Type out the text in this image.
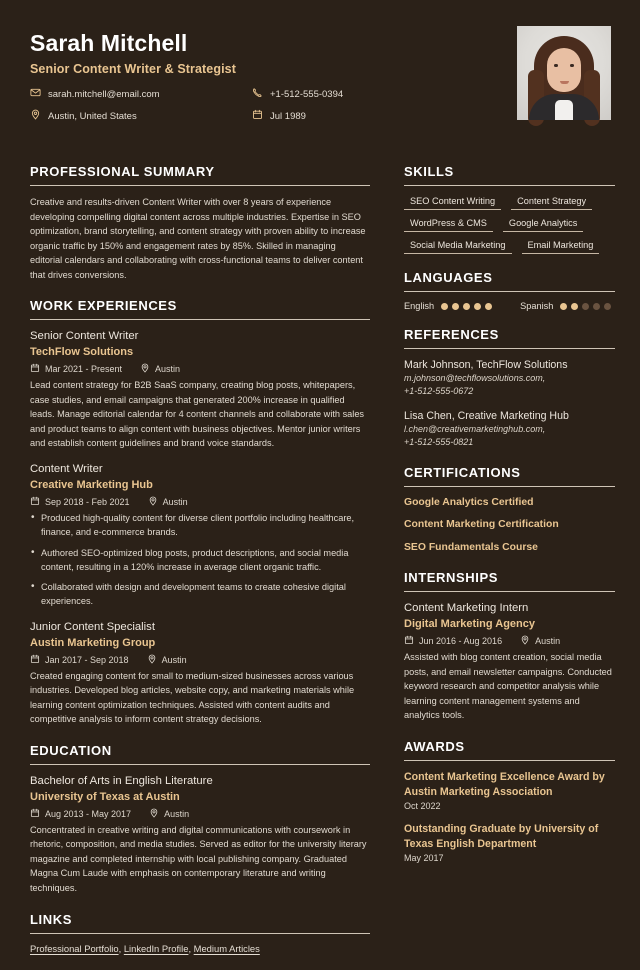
Sarah Mitchell
Senior Content Writer & Strategist
sarah.mitchell@email.com	+1-512-555-0394
Austin, United States	Jul 1989
PROFESSIONAL SUMMARY
Creative and results-driven Content Writer with over 8 years of experience developing compelling digital content across multiple industries. Expertise in SEO optimization, brand storytelling, and content strategy with proven ability to increase organic traffic by 150% and engagement rates by 85%. Skilled in managing editorial calendars and collaborating with cross-functional teams to deliver content that drives conversions.
WORK EXPERIENCES
Senior Content Writer
TechFlow Solutions
Mar 2021 - Present	Austin
Lead content strategy for B2B SaaS company, creating blog posts, whitepapers, case studies, and email campaigns that generated 200% increase in qualified leads. Manage editorial calendar for 4 content channels and collaborate with sales and product teams to align content with business objectives. Mentor junior writers and establish content guidelines and brand voice standards.
Content Writer
Creative Marketing Hub
Sep 2018 - Feb 2021	Austin
• Produced high-quality content for diverse client portfolio including healthcare, finance, and e-commerce brands.
• Authored SEO-optimized blog posts, product descriptions, and social media content, resulting in a 120% increase in average client organic traffic.
• Collaborated with design and development teams to create cohesive digital experiences.
Junior Content Specialist
Austin Marketing Group
Jan 2017 - Sep 2018	Austin
Created engaging content for small to medium-sized businesses across various industries. Developed blog articles, website copy, and marketing materials while learning content optimization techniques. Assisted with content audits and competitive analysis to inform content strategy decisions.
EDUCATION
Bachelor of Arts in English Literature
University of Texas at Austin
Aug 2013 - May 2017	Austin
Concentrated in creative writing and digital communications with coursework in rhetoric, composition, and media studies. Served as editor for the university literary magazine and completed internship with local publishing company. Graduated Magna Cum Laude with emphasis on contemporary literature and writing techniques.
LINKS
Professional Portfolio, LinkedIn Profile, Medium Articles
SKILLS
SEO Content Writing	Content Strategy
WordPress & CMS	Google Analytics
Social Media Marketing	Email Marketing
LANGUAGES
English	Spanish
REFERENCES
Mark Johnson, TechFlow Solutions
m.johnson@techflowsolutions.com,
+1-512-555-0672
Lisa Chen, Creative Marketing Hub
l.chen@creativemarketinghub.com,
+1-512-555-0821
CERTIFICATIONS
Google Analytics Certified
Content Marketing Certification
SEO Fundamentals Course
INTERNSHIPS
Content Marketing Intern
Digital Marketing Agency
Jun 2016 - Aug 2016	Austin
Assisted with blog content creation, social media posts, and email newsletter campaigns. Conducted keyword research and competitor analysis while learning content management systems and analytics tools.
AWARDS
Content Marketing Excellence Award by Austin Marketing Association
Oct 2022
Outstanding Graduate by University of Texas English Department
May 2017
